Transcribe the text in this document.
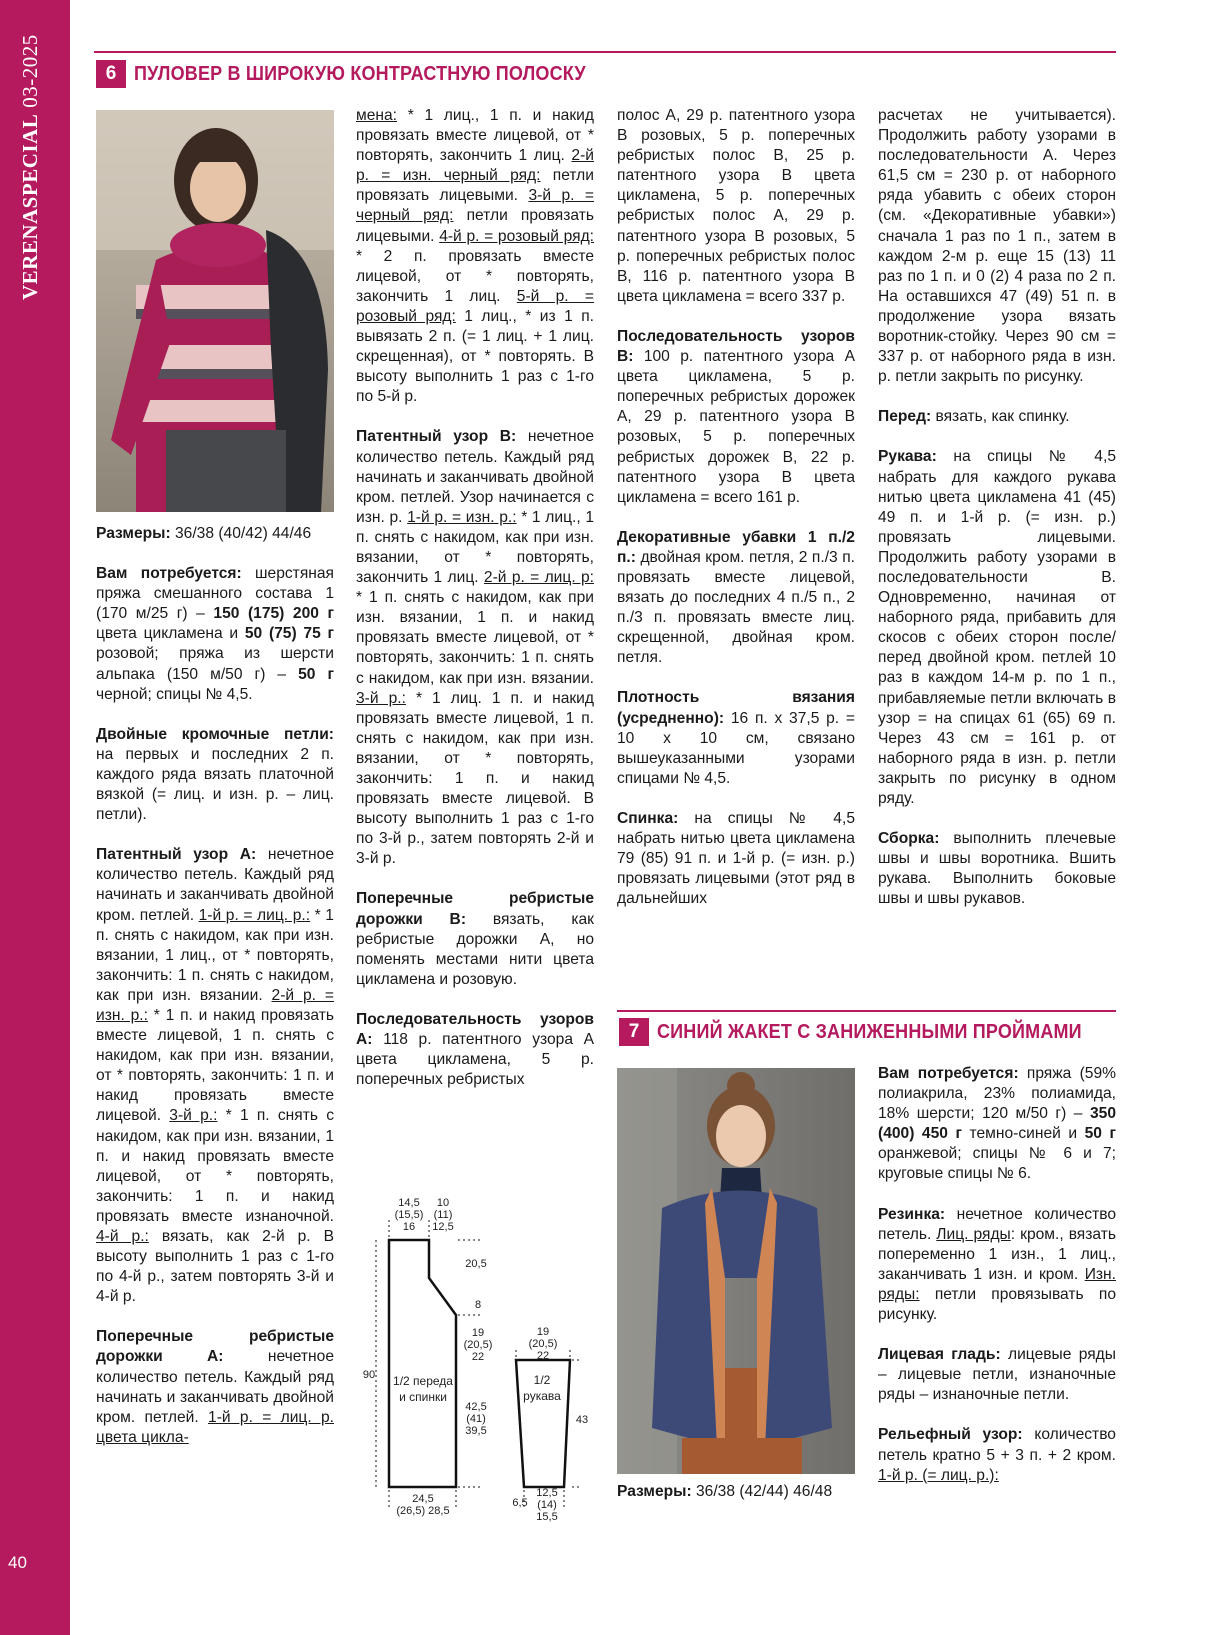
VERENASPECIAL03-2025
40
6 ПУЛОВЕР В ШИРОКУЮ КОНТРАСТНУЮ ПОЛОСКУ

Размеры: 36/38 (40/42) 44/46

Вам потребуется: шерстяная пряжа смешанного состава 1 (170 м/25 г) – 150 (175) 200 г цвета цикламена и 50 (75) 75 г розовой; пряжа из шерсти альпака (150 м/50 г) – 50 г черной; спицы № 4,5.

Двойные кромочные петли: на первых и последних 2 п. каждого ряда вязать платочной вязкой (= лиц. и изн. р. – лиц. петли).

Патентный узор А: нечетное количество петель. Каждый ряд начинать и заканчивать двойной кром. петлей. 1-й р. = лиц. р.: * 1 п. снять с накидом, как при изн. вязании, 1 лиц., от * повторять, закончить: 1 п. снять с накидом, как при изн. вязании. 2-й р. = изн. р.: * 1 п. и накид провязать вместе лицевой, 1 п. снять с накидом, как при изн. вязании, от * повторять, закончить: 1 п. и накид провязать вместе лицевой. 3-й р.: * 1 п. снять с накидом, как при изн. вязании, 1 п. и накид провязать вместе лицевой, от * повторять, закончить: 1 п. и накид провязать вместе изнаночной. 4-й р.: вязать, как 2-й р. В высоту выполнить 1 раз с 1-го по 4-й р., затем повторять 3-й и 4-й р.

Поперечные ребристые дорожки А: нечетное количество петель. Каждый ряд начинать и заканчивать двойной кром. петлей. 1-й р. = лиц. р. цвета цикла-

мена: * 1 лиц., 1 п. и накид провязать вместе лицевой, от * повторять, закончить 1 лиц. 2-й р. = изн. черный ряд: петли провязать лицевыми. 3-й р. = черный ряд: петли провязать лицевыми. 4-й р. = розовый ряд: * 2 п. провязать вместе лицевой, от * повторять, закончить 1 лиц. 5-й р. = розовый ряд: 1 лиц., * из 1 п. вывязать 2 п. (= 1 лиц. + 1 лиц. скрещенная), от * повторять. В высоту выполнить 1 раз с 1-го по 5-й р.

Патентный узор В: нечетное количество петель. Каждый ряд начинать и заканчивать двойной кром. петлей. Узор начинается с изн. р. 1-й р. = изн. р.: * 1 лиц., 1 п. снять с накидом, как при изн. вязании, от * повторять, закончить 1 лиц. 2-й р. = лиц. р: * 1 п. снять с накидом, как при изн. вязании, 1 п. и накид провязать вместе лицевой, от * повторять, закончить: 1 п. снять с накидом, как при изн. вязании. 3-й р.: * 1 лиц. 1 п. и накид провязать вместе лицевой, 1 п. снять с накидом, как при изн. вязании, от * повторять, закончить: 1 п. и накид провязать вместе лицевой. В высоту выполнить 1 раз с 1-го по 3-й р., затем повторять 2-й и 3-й р.

Поперечные ребристые дорожки В: вязать, как ребристые дорожки А, но поменять местами нити цвета цикламена и розовую.

Последовательность узоров А: 118 р. патентного узора А цвета цикламена, 5 р. поперечных ребристых

14,5
(15,5)
16
10
(11)
12,5
20,5
8
19
(20,5)
22
42,5
(41)
39,5
90 1/2 переда
и спинки
24,5
(26,5) 28,5
19
(20,5)
22
1/2
рукава
43
6,5
12,5
(14)
15,5

полос А, 29 р. патентного узора В розовых, 5 р. поперечных ребристых полос В, 25 р. патентного узора В цвета цикламена, 5 р. поперечных ребристых полос А, 29 р. патентного узора В розовых, 5 р. поперечных ребристых полос В, 116 р. патентного узора В цвета цикламена = всего 337 р.

Последовательность узоров В: 100 р. патентного узора А цвета цикламена, 5 р. поперечных ребристых дорожек А, 29 р. патентного узора В розовых, 5 р. поперечных ребристых дорожек В, 22 р. патентного узора В цвета цикламена = всего 161 р.

Декоративные убавки 1 п./2 п.: двойная кром. петля, 2 п./3 п. провязать вместе лицевой, вязать до последних 4 п./5 п., 2 п./3 п. провязать вместе лиц. скрещенной, двойная кром. петля.

Плотность вязания (усредненно): 16 п. х 37,5 р. = 10 х 10 см, связано вышеуказанными узорами спицами № 4,5.

Спинка: на спицы № 4,5 набрать нитью цвета цикламена 79 (85) 91 п. и 1-й р. (= изн. р.) провязать лицевыми (этот ряд в дальнейших

расчетах не учитывается). Продолжить работу узорами в последовательности А. Через 61,5 см = 230 р. от наборного ряда убавить с обеих сторон (см. «Декоративные убавки») сначала 1 раз по 1 п., затем в каждом 2-м р. еще 15 (13) 11 раз по 1 п. и 0 (2) 4 раза по 2 п. На оставшихся 47 (49) 51 п. в продолжение узора вязать воротник-стойку. Через 90 см = 337 р. от наборного ряда в изн. р. петли закрыть по рисунку.

Перед: вязать, как спинку.

Рукава: на спицы № 4,5 набрать для каждого рукава нитью цвета цикламена 41 (45) 49 п. и 1-й р. (= изн. р.) провязать лицевыми. Продолжить работу узорами в последовательности В. Одновременно, начиная от наборного ряда, прибавить для скосов с обеих сторон после/перед двойной кром. петлей 10 раз в каждом 14-м р. по 1 п., прибавляемые петли включать в узор = на спицах 61 (65) 69 п. Через 43 см = 161 р. от наборного ряда в изн. р. петли закрыть по рисунку в одном ряду.

Сборка: выполнить плечевые швы и швы воротника. Вшить рукава. Выполнить боковые швы и швы рукавов.

7 СИНИЙ ЖАКЕТ С ЗАНИЖЕННЫМИ ПРОЙМАМИ

Размеры: 36/38 (42/44) 46/48

Вам потребуется: пряжа (59% полиакрила, 23% полиамида, 18% шерсти; 120 м/50 г) – 350 (400) 450 г темно-синей и 50 г оранжевой; спицы № 6 и 7; круговые спицы № 6.

Резинка: нечетное количество петель. Лиц. ряды: кром., вязать попеременно 1 изн., 1 лиц., заканчивать 1 изн. и кром. Изн. ряды: петли провязывать по рисунку.

Лицевая гладь: лицевые ряды – лицевые петли, изнаночные ряды – изнаночные петли.

Рельефный узор: количество петель кратно 5 + 3 п. + 2 кром. 1-й р. (= лиц. р.):
